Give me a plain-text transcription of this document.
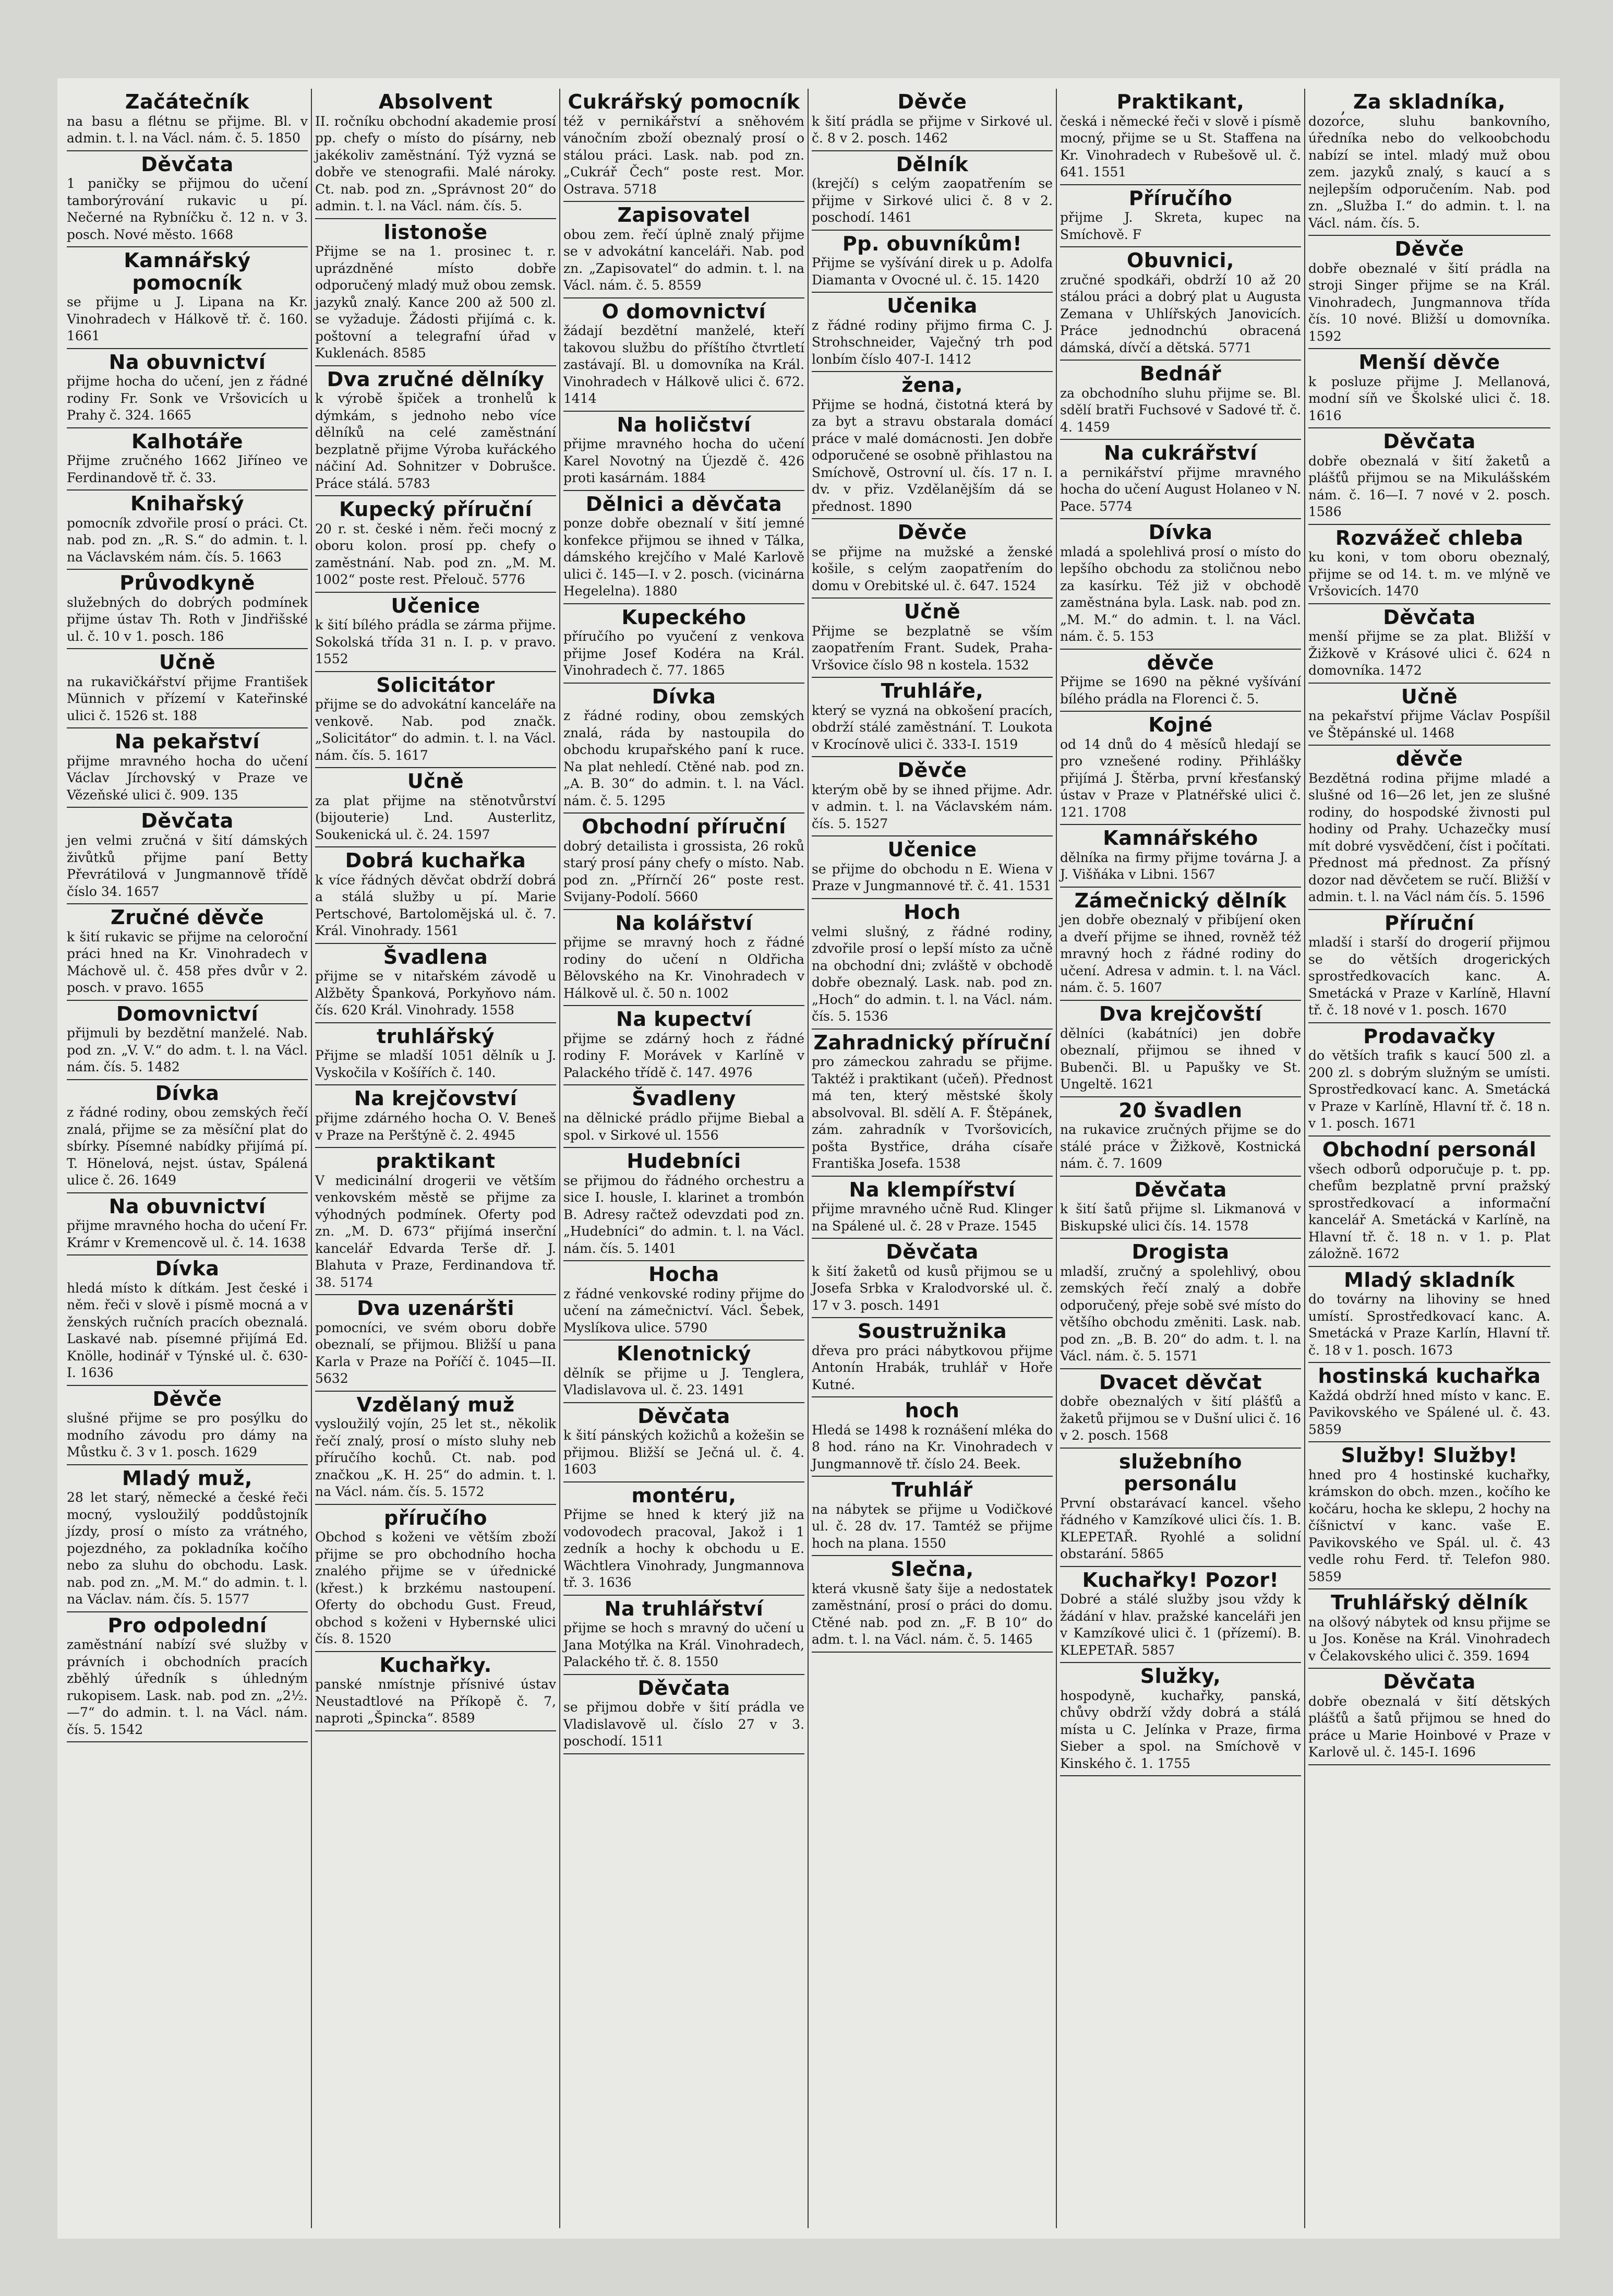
,
Začátečník
na basu a flétnu se přijme. Bl. v admin. t. l. na Václ. nám. č. 5. 1850
Děvčata
1 paničky se přijmou do učení tamborýrování rukavic u pí. Nečerné na Rybníčku č. 12 n. v 3. posch. Nové město. 1668
Kamnářský pomocník
se přijme u J. Lipana na Kr. Vinohradech v Hálkově tř. č. 160. 1661
Na obuvnictví
přijme hocha do učení, jen z řádné rodiny Fr. Sonk ve Vršovicích u Prahy č. 324. 1665
Kalhotáře
Přijme zručného 1662 Jiříneo ve Ferdinandově tř. č. 33.
Knihařský
pomocník zdvořile prosí o práci. Ct. nab. pod zn. „R. S.“ do admin. t. l. na Václavském nám. čís. 5. 1663
Průvodkyně
služebných do dobrých podmínek přijme ústav Th. Roth v Jindřišské ul. č. 10 v 1. posch. 186
Učně
na rukavičkářství přijme František Münnich v přízemí v Kateřinské ulici č. 1526 st. 188
Na pekařství
přijme mravného hocha do učení Václav Jírchovský v Praze ve Vězeňské ulici č. 909. 135
Děvčata
jen velmi zručná v šití dámských živůtků přijme paní Betty Převrátilová v Jungmannově třídě číslo 34. 1657
Zručné děvče
k šití rukavic se přijme na celoroční práci hned na Kr. Vinohradech v Máchově ul. č. 458 přes dvůr v 2. posch. v pravo. 1655
Domovnictví
přijmuli by bezdětní manželé. Nab. pod zn. „V. V.“ do adm. t. l. na Václ. nám. čís. 5. 1482
Dívka
z řádné rodiny, obou zemských řečí znalá, přijme se za měsíční plat do sbírky. Písemné nabídky přijímá pí. T. Hönelová, nejst. ústav, Spálená ulice č. 26. 1649
Na obuvnictví
přijme mravného hocha do učení Fr. Krámr v Kremencově ul. č. 14. 1638
Dívka
hledá místo k dítkám. Jest české i něm. řeči v slově i písmě mocná a v ženských ručních pracích obeznalá. Laskavé nab. písemné přijímá Ed. Knölle, hodinář v Týnské ul. č. 630-I. 1636
Děvče
slušné přijme se pro posýlku do modního závodu pro dámy na Můstku č. 3 v 1. posch. 1629
Mladý muž,
28 let starý, německé a české řeči mocný, vysloužilý poddůstojník jízdy, prosí o místo za vrátného, pojezdného, za pokladníka kočího nebo za sluhu do obchodu. Lask. nab. pod zn. „M. M.“ do admin. t. l. na Václav. nám. čís. 5. 1577
Pro odpolední
zaměstnání nabízí své služby v právních i obchodních pracích zběhlý úředník s úhledným rukopisem. Lask. nab. pod zn. „2½.—7“ do admin. t. l. na Václ. nám. čís. 5. 1542
Absolvent
II. ročníku obchodní akademie prosí pp. chefy o místo do písárny, neb jakékoliv zaměstnání. Týž vyzná se dobře ve stenografii. Malé nároky. Ct. nab. pod zn. „Správnost 20“ do admin. t. l. na Václ. nám. čís. 5.
listonoše
Přijme se na 1. prosinec t. r. uprázdněné místo dobře odporučený mladý muž obou zemsk. jazyků znalý. Kance 200 až 500 zl. se vyžaduje. Žádosti přijímá c. k. poštovní a telegrafní úřad v Kuklenách. 8585
Dva zručné dělníky
k výrobě špiček a tronhelů k dýmkám, s jednoho nebo více dělníků na celé zaměstnání bezplatně přijme Výroba kuřáckého náčiní Ad. Sohnitzer v Dobrušce. Práce stálá. 5783
Kupecký příruční
20 r. st. české i něm. řeči mocný z oboru kolon. prosí pp. chefy o zaměstnání. Nab. pod zn. „M. M. 1002“ poste rest. Přelouč. 5776
Učenice
k šití bílého prádla se zárma přijme. Sokolská třída 31 n. I. p. v pravo. 1552
Solicitátor
přijme se do advokátní kanceláře na venkově. Nab. pod značk. „Solicitátor“ do admin. t. l. na Václ. nám. čís. 5. 1617
Učně
za plat přijme na stěnotvůrství (bijouterie) Lnd. Austerlitz, Soukenická ul. č. 24. 1597
Dobrá kuchařka
k více řádných děvčat obdrží dobrá a stálá služby u pí. Marie Pertschové, Bartolomějská ul. č. 7. Král. Vinohrady. 1561
Švadlena
přijme se v nitařském závodě u Alžběty Španková, Porkyňovo nám. čís. 620 Král. Vinohrady. 1558
truhlářský
Přijme se mladší 1051 dělník u J. Vyskočila v Košířích č. 140.
Na krejčovství
přijme zdárného hocha O. V. Beneš v Praze na Perštýně č. 2. 4945
praktikant
V medicinální drogerii ve větším venkovském městě se přijme za výhodných podmínek. Oferty pod zn. „M. D. 673“ přijímá inserční kancelář Edvarda Terše dř. J. Blahuta v Praze, Ferdinandova tř. 38. 5174
Dva uzenáršti
pomocníci, ve svém oboru dobře obeznalí, se přijmou. Bližší u pana Karla v Praze na Poříčí č. 1045—II. 5632
Vzdělaný muž
vysloužilý vojín, 25 let st., několik řečí znalý, prosí o místo sluhy neb příručího kochů. Ct. nab. pod značkou „K. H. 25“ do admin. t. l. na Václ. nám. čís. 5. 1572
příručího
Obchod s koženi ve větším zboží přijme se pro obchodního hocha znalého přijme se v úřednické (křest.) k brzkému nastoupení. Oferty do obchodu Gust. Freud, obchod s koženi v Hybernské ulici čís. 8. 1520
Kuchařky.
panské nmístnje přísnivé ústav Neustadtlové na Příkopě č. 7, naproti „Špincka“. 8589
Cukrářský pomocník
též v pernikářství a sněhovém vánočním zboží obeznalý prosí o stálou práci. Lask. nab. pod zn. „Cukrář Čech“ poste rest. Mor. Ostrava. 5718
Zapisovatel
obou zem. řečí úplně znalý přijme se v advokátní kanceláři. Nab. pod zn. „Zapisovatel“ do admin. t. l. na Václ. nám. č. 5. 8559
O domovnictví
žádají bezdětní manželé, kteří takovou službu do příštího čtvrtletí zastávají. Bl. u domovníka na Král. Vinohradech v Hálkově ulici č. 672. 1414
Na holičství
přijme mravného hocha do učení Karel Novotný na Újezdě č. 426 proti kasárnám. 1884
Dělnici a děvčata
ponze dobře obeznalí v šití jemné konfekce přijmou se ihned v Tálka, dámského krejčího v Malé Karlově ulici č. 145—I. v 2. posch. (vicinárna Hegelelna). 1880
Kupeckého
příručího po vyučení z venkova přijme Josef Kodéra na Král. Vinohradech č. 77. 1865
Dívka
z řádné rodiny, obou zemských znalá, ráda by nastoupila do obchodu krupařského paní k ruce. Na plat nehledí. Ctěné nab. pod zn. „A. B. 30“ do admin. t. l. na Václ. nám. č. 5. 1295
Obchodní příruční
dobrý detailista i grossista, 26 roků starý prosí pány chefy o místo. Nab. pod zn. „Přírnčí 26“ poste rest. Svijany-Podolí. 5660
Na kolářství
přijme se mravný hoch z řádné rodiny do učení n Oldřicha Bělovského na Kr. Vinohradech v Hálkově ul. č. 50 n. 1002
Na kupectví
přijme se zdárný hoch z řádné rodiny F. Morávek v Karlíně v Palackého třídě č. 147. 4976
Švadleny
na dělnické prádlo přijme Biebal a spol. v Sirkové ul. 1556
Hudebníci
se přijmou do řádného orchestru a sice I. housle, I. klarinet a trombón B. Adresy račtež odevzdati pod zn. „Hudebníci“ do admin. t. l. na Václ. nám. čís. 5. 1401
Hocha
z řádné venkovské rodiny přijme do učení na zámečnictví. Václ. Šebek, Myslíkova ulice. 5790
Klenotnický
dělník se přijme u J. Tenglera, Vladislavova ul. č. 23. 1491
Děvčata
k šití pánských kožichů a kožešin se přijmou. Bližší se Ječná ul. č. 4. 1603
montéru,
Přijme se hned k který již na vodovodech pracoval, Jakož i 1 zedník a hochy k obchodu u E. Wächtlera Vinohrady, Jungmannova tř. 3. 1636
Na truhlářství
přijme se hoch s mravný do učení u Jana Motýlka na Král. Vinohradech, Palackého tř. č. 8. 1550
Děvčata
se přijmou dobře v šití prádla ve Vladislavově ul. číslo 27 v 3. poschodí. 1511
Děvče
k šití prádla se přijme v Sirkové ul. č. 8 v 2. posch. 1462
Dělník
(krejčí) s celým zaopatřením se přijme v Sirkové ulici č. 8 v 2. poschodí. 1461
Pp. obuvníkům!
Přijme se vyšívání direk u p. Adolfa Diamanta v Ovocné ul. č. 15. 1420
Učenika
z řádné rodiny přijmo firma C. J. Strohschneider, Vaječný trh pod lonbím číslo 407-I. 1412
žena,
Přijme se hodná, čistotná která by za byt a stravu obstarala domácí práce v malé domácnosti. Jen dobře odporučené se osobně přihlastou na Smíchově, Ostrovní ul. čís. 17 n. I. dv. v přiz. Vzdělanějším dá se přednost. 1890
Děvče
se přijme na mužské a ženské košile, s celým zaopatřením do domu v Orebitské ul. č. 647. 1524
Učně
Přijme se bezplatně se vším zaopatřením Frant. Sudek, Praha-Vršovice číslo 98 n kostela. 1532
Truhláře,
který se vyzná na obkošení pracích, obdrží stálé zaměstnání. T. Loukota v Krocínově ulici č. 333-I. 1519
Děvče
kterým obě by se ihned přijme. Adr. v admin. t. l. na Václavském nám. čís. 5. 1527
Učenice
se přijme do obchodu n E. Wiena v Praze v Jungmannové tř. č. 41. 1531
Hoch
velmi slušný, z řádné rodiny, zdvořile prosí o lepší místo za učně na obchodní dni; zvláště v obchodě dobře obeznalý. Lask. nab. pod zn. „Hoch“ do admin. t. l. na Václ. nám. čís. 5. 1536
Zahradnický příruční
pro zámeckou zahradu se přijme. Taktéž i praktikant (učeň). Přednost má ten, který městské školy absolvoval. Bl. sdělí A. F. Štěpánek, zám. zahradník v Tvoršovicích, pošta Bystřice, dráha císaře Františka Josefa. 1538
Na klempířství
přijme mravného učně Rud. Klinger na Spálené ul. č. 28 v Praze. 1545
Děvčata
k šití žaketů od kusů přijmou se u Josefa Srbka v Kralodvorské ul. č. 17 v 3. posch. 1491
Soustružnika
dřeva pro práci nábytkovou přijme Antonín Hrabák, truhlář v Hoře Kutné.
hoch
Hledá se 1498 k roznášení mléka do 8 hod. ráno na Kr. Vinohradech v Jungmannově tř. číslo 24. Beek.
Truhlář
na nábytek se přijme u Vodičkové ul. č. 28 dv. 17. Tamtéž se přijme hoch na plana. 1550
Slečna,
která vkusně šaty šije a nedostatek zaměstnání, prosí o práci do domu. Ctěné nab. pod zn. „F. B 10“ do adm. t. l. na Václ. nám. č. 5. 1465
Praktikant,
česká i německé řeči v slově i písmě mocný, přijme se u St. Staffena na Kr. Vinohradech v Rubešově ul. č. 641. 1551
Příručího
přijme J. Skreta, kupec na Smíchově. F
Obuvnici,
zručné spodkáři, obdrží 10 až 20 stálou práci a dobrý plat u Augusta Zemana v Uhlířských Janovicích. Práce jednodnchú obracená dámská, dívčí a dětská. 5771
Bednář
za obchodního sluhu přijme se. Bl. sdělí bratři Fuchsové v Sadové tř. č. 4. 1459
Na cukrářství
a pernikářství přijme mravného hocha do učení August Holaneo v N. Pace. 5774
Dívka
mladá a spolehlivá prosí o místo do lepšího obchodu za stoličnou nebo za kasírku. Též již v obchodě zaměstnána byla. Lask. nab. pod zn. „M. M.“ do admin. t. l. na Václ. nám. č. 5. 153
děvče
Přijme se 1690 na pěkné vyšívání bílého prádla na Florenci č. 5.
Kojné
od 14 dnů do 4 měsíců hledají se pro vznešené rodiny. Přihlášky přijímá J. Štěrba, první křesťanský ústav v Praze v Platnéřské ulici č. 121. 1708
Kamnářského
dělníka na firmy přijme továrna J. a J. Višňáka v Libni. 1567
Zámečnický dělník
jen dobře obeznalý v přibíjení oken a dveří přijme se ihned, rovněž též mravný hoch z řádné rodiny do učení. Adresa v admin. t. l. na Václ. nám. č. 5. 1607
Dva krejčovští
dělníci (kabátníci) jen dobře obeznalí, přijmou se ihned v Bubenči. Bl. u Papušky ve St. Ungeltě. 1621
20 švadlen
na rukavice zručných přijme se do stálé práce v Žižkově, Kostnická nám. č. 7. 1609
Děvčata
k šití šatů přijme sl. Likmanová v Biskupské ulici čís. 14. 1578
Drogista
mladší, zručný a spolehlivý, obou zemských řečí znalý a dobře odporučený, přeje sobě své místo do většího obchodu změniti. Lask. nab. pod zn. „B. B. 20“ do adm. t. l. na Václ. nám. č. 5. 1571
Dvacet děvčat
dobře obeznalých v šití plášťů a žaketů přijmou se v Dušní ulici č. 16 v 2. posch. 1568
služebního personálu
První obstarávací kancel. všeho řádného v Kamzíkové ulici čís. 1. B. KLEPETAŘ. Ryohlé a solidní obstarání. 5865
Kuchařky! Pozor!
Dobré a stálé služby jsou vždy k žádání v hlav. pražské kanceláři jen v Kamzíkové ulici č. 1 (přízemí). B. KLEPETAŘ. 5857
Služky,
hospodyně, kuchařky, panská, chůvy obdrží vždy dobrá a stálá místa u C. Jelínka v Praze, firma Sieber a spol. na Smíchově v Kinského č. 1. 1755
Za skladníka,
dozorce, sluhu bankovního, úředníka nebo do velkoobchodu nabízí se intel. mladý muž obou zem. jazyků znalý, s kaucí a s nejlepším odporučením. Nab. pod zn. „Služba I.“ do admin. t. l. na Václ. nám. čís. 5.
Děvče
dobře obeznalé v šití prádla na stroji Singer přijme se na Král. Vinohradech, Jungmannova třída čís. 10 nové. Bližší u domovníka. 1592
Menší děvče
k posluze přijme J. Mellanová, modní síň ve Školské ulici č. 18. 1616
Děvčata
dobře obeznalá v šití žaketů a plášťů přijmou se na Mikulášském nám. č. 16—I. 7 nové v 2. posch. 1586
Rozvážeč chleba
ku koni, v tom oboru obeznalý, přijme se od 14. t. m. ve mlýně ve Vršovicích. 1470
Děvčata
menší přijme se za plat. Bližší v Žižkově v Krásové ulici č. 624 n domovníka. 1472
Učně
na pekařství přijme Václav Pospíšil ve Štěpánské ul. 1468
děvče
Bezdětná rodina přijme mladé a slušné od 16—26 let, jen ze slušné rodiny, do hospodské živnosti pul hodiny od Prahy. Uchazečky musí mít dobré vysvědčení, číst i počítati. Přednost má přednost. Za přísný dozor nad děvčetem se ručí. Bližší v admin. t. l. na Václ nám čís. 5. 1596
Příruční
mladší i starší do drogerií přijmou se do větších drogerických sprostředkovacích kanc. A. Smetácká v Praze v Karlíně, Hlavní tř. č. 18 nové v 1. posch. 1670
Prodavačky
do větších trafik s kaucí 500 zl. a 200 zl. s dobrým služným se umísti. Sprostředkovací kanc. A. Smetácká v Praze v Karlíně, Hlavní tř. č. 18 n. v 1. posch. 1671
Obchodní personál
všech odborů odporučuje p. t. pp. chefům bezplatně první pražský sprostředkovací a informační kancelář A. Smetácká v Karlíně, na Hlavní tř. č. 18 n. v 1. p. Plat záložně. 1672
Mladý skladník
do továrny na lihoviny se hned umístí. Sprostředkovací kanc. A. Smetácká v Praze Karlín, Hlavní tř. č. 18 v 1. posch. 1673
hostinská kuchařka
Každá obdrží hned místo v kanc. E. Pavikovského ve Spálené ul. č. 43. 5859
Služby! Služby!
hned pro 4 hostinské kuchařky, krámskon do obch. mzen., kočího ke kočáru, hocha ke sklepu, 2 hochy na číšnictví v kanc. vaše E. Pavikovského ve Spál. ul. č. 43 vedle rohu Ferd. tř. Telefon 980. 5859
Truhlářský dělník
na olšový nábytek od knsu přijme se u Jos. Koněse na Král. Vinohradech v Čelakovského ulici č. 359. 1694
Děvčata
dobře obeznalá v šití dětských plášťů a šatů přijmou se hned do práce u Marie Hoinbové v Praze v Karlově ul. č. 145-I. 1696
